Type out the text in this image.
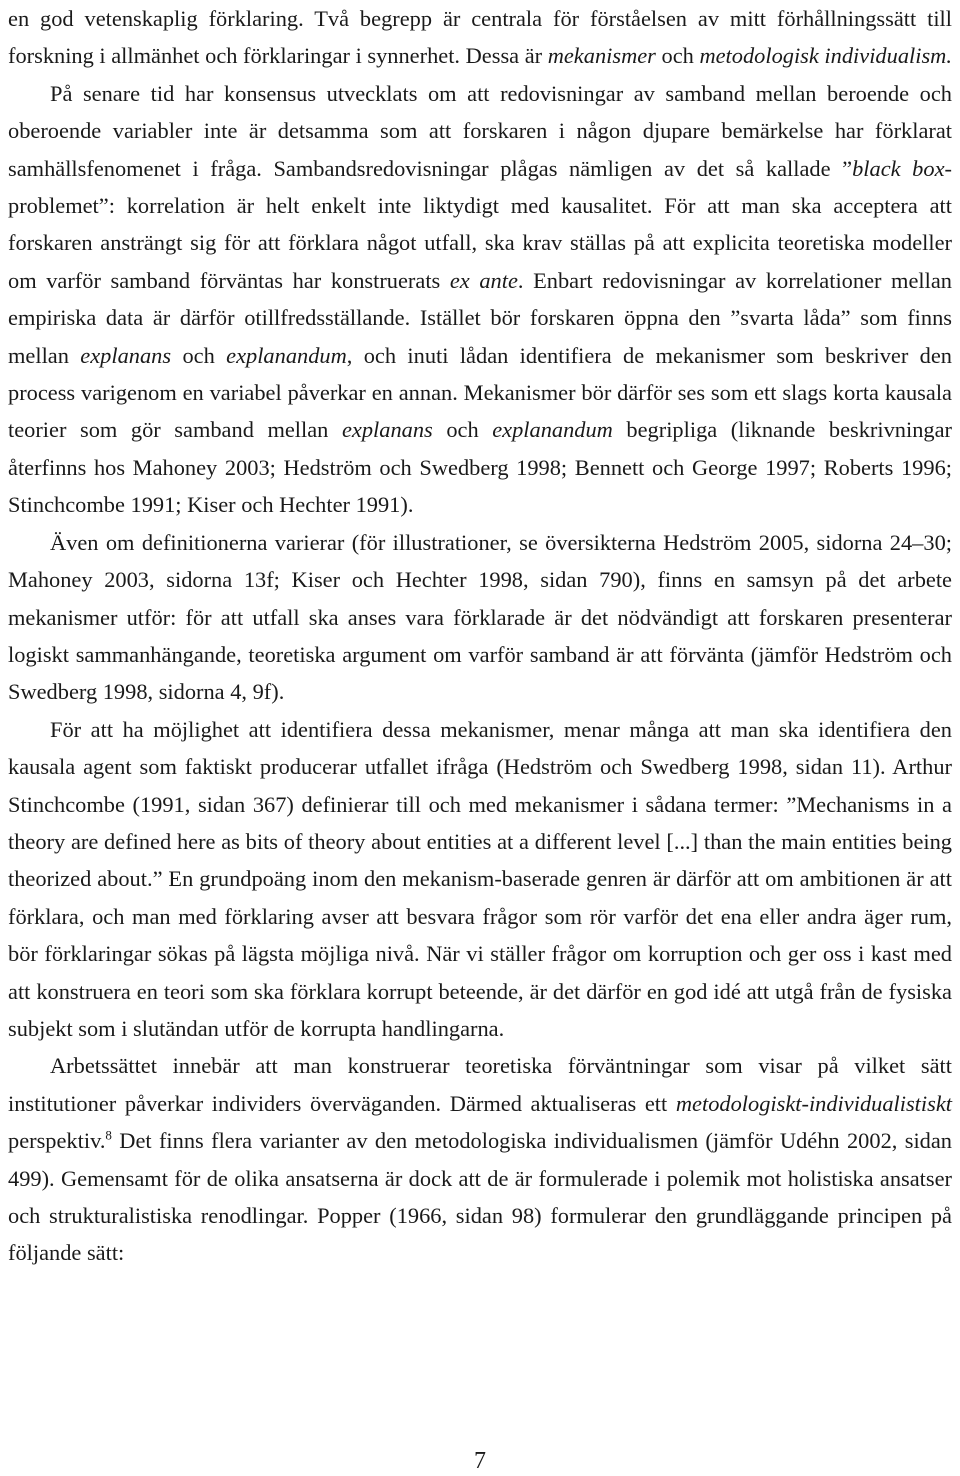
en god vetenskaplig förklaring. Två begrepp är centrala för förståelsen av mitt förhållningssätt till forskning i allmänhet och förklaringar i synnerhet. Dessa är mekanismer och metodologisk individualism.

På senare tid har konsensus utvecklats om att redovisningar av samband mellan beroende och oberoende variabler inte är detsamma som att forskaren i någon djupare bemärkelse har förklarat samhällsfenomenet i fråga. Sambandsredovisningar plågas nämligen av det så kallade ”black box-problemet”: korrelation är helt enkelt inte liktydigt med kausalitet. För att man ska acceptera att forskaren ansträngt sig för att förklara något utfall, ska krav ställas på att explicita teoretiska modeller om varför samband förväntas har konstruerats ex ante. Enbart redovisningar av korrelationer mellan empiriska data är därför otillfredsställande. Istället bör forskaren öppna den ”svarta låda” som finns mellan explanans och explanandum, och inuti lådan identifiera de mekanismer som beskriver den process varigenom en variabel påverkar en annan. Mekanismer bör därför ses som ett slags korta kausala teorier som gör samband mellan explanans och explanandum begripliga (liknande beskrivningar återfinns hos Mahoney 2003; Hedström och Swedberg 1998; Bennett och George 1997; Roberts 1996; Stinchcombe 1991; Kiser och Hechter 1991).

Även om definitionerna varierar (för illustrationer, se översikterna Hedström 2005, sidorna 24–30; Mahoney 2003, sidorna 13f; Kiser och Hechter 1998, sidan 790), finns en samsyn på det arbete mekanismer utför: för att utfall ska anses vara förklarade är det nödvändigt att forskaren presenterar logiskt sammanhängande, teoretiska argument om varför samband är att förvänta (jämför Hedström och Swedberg 1998, sidorna 4, 9f).

För att ha möjlighet att identifiera dessa mekanismer, menar många att man ska identifiera den kausala agent som faktiskt producerar utfallet ifråga (Hedström och Swedberg 1998, sidan 11). Arthur Stinchcombe (1991, sidan 367) definierar till och med mekanismer i sådana termer: ”Mechanisms in a theory are defined here as bits of theory about entities at a different level [...] than the main entities being theorized about.” En grundpoäng inom den mekanism-baserade genren är därför att om ambitionen är att förklara, och man med förklaring avser att besvara frågor som rör varför det ena eller andra äger rum, bör förklaringar sökas på lägsta möjliga nivå. När vi ställer frågor om korruption och ger oss i kast med att konstruera en teori som ska förklara korrupt beteende, är det därför en god idé att utgå från de fysiska subjekt som i slutändan utför de korrupta handlingarna.

Arbetssättet innebär att man konstruerar teoretiska förväntningar som visar på vilket sätt institutioner påverkar individers överväganden. Därmed aktualiseras ett metodologiskt-individualistiskt perspektiv.$^8$ Det finns flera varianter av den metodologiska individualismen (jämför Udéhn 2002, sidan 499). Gemensamt för de olika ansatserna är dock att de är formulerade i polemik mot holistiska ansatser och strukturalistiska renodlingar. Popper (1966, sidan 98) formulerar den grundläggande principen på följande sätt:

7
